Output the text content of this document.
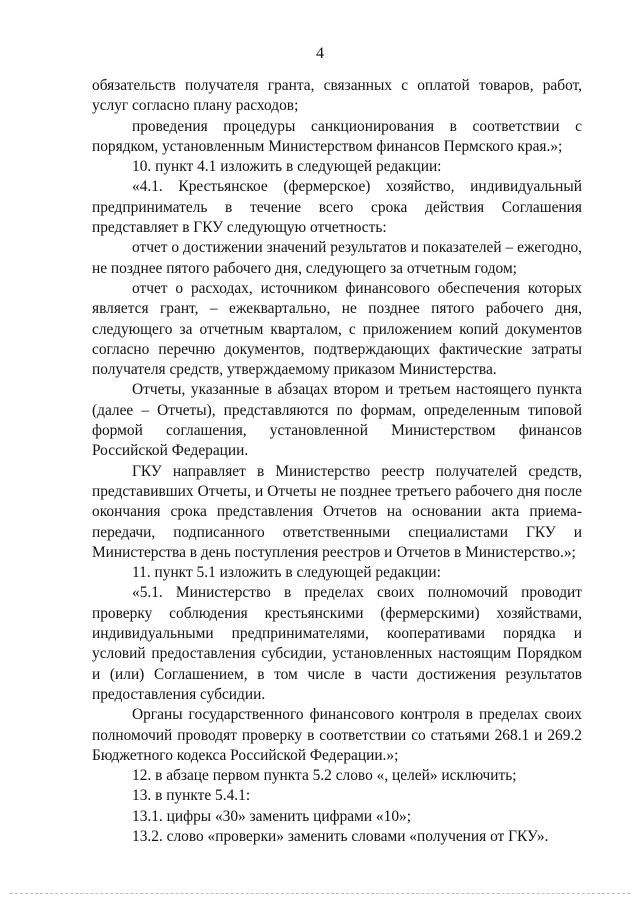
4

обязательств получателя гранта, связанных с оплатой товаров, работ, услуг согласно плану расходов;

проведения процедуры санкционирования в соответствии с порядком, установленным Министерством финансов Пермского края.»;

10. пункт 4.1 изложить в следующей редакции:

«4.1. Крестьянское (фермерское) хозяйство, индивидуальный предприниматель в течение всего срока действия Соглашения представляет в ГКУ следующую отчетность:

отчет о достижении значений результатов и показателей – ежегодно, не позднее пятого рабочего дня, следующего за отчетным годом;

отчет о расходах, источником финансового обеспечения которых является грант, – ежеквартально, не позднее пятого рабочего дня, следующего за отчетным кварталом, с приложением копий документов согласно перечню документов, подтверждающих фактические затраты получателя средств, утверждаемому приказом Министерства.

Отчеты, указанные в абзацах втором и третьем настоящего пункта (далее – Отчеты), представляются по формам, определенным типовой формой соглашения, установленной Министерством финансов Российской Федерации.

ГКУ направляет в Министерство реестр получателей средств, представивших Отчеты, и Отчеты не позднее третьего рабочего дня после окончания срока представления Отчетов на основании акта приема-передачи, подписанного ответственными специалистами ГКУ и Министерства в день поступления реестров и Отчетов в Министерство.»;

11. пункт 5.1 изложить в следующей редакции:

«5.1. Министерство в пределах своих полномочий проводит проверку соблюдения крестьянскими (фермерскими) хозяйствами, индивидуальными предпринимателями, кооперативами порядка и условий предоставления субсидии, установленных настоящим Порядком и (или) Соглашением, в том числе в части достижения результатов предоставления субсидии.

Органы государственного финансового контроля в пределах своих полномочий проводят проверку в соответствии со статьями 268.1 и 269.2 Бюджетного кодекса Российской Федерации.»;

12. в абзаце первом пункта 5.2 слово «, целей» исключить;

13. в пункте 5.4.1:

13.1. цифры «30» заменить цифрами «10»;

13.2. слово «проверки» заменить словами «получения от ГКУ».
